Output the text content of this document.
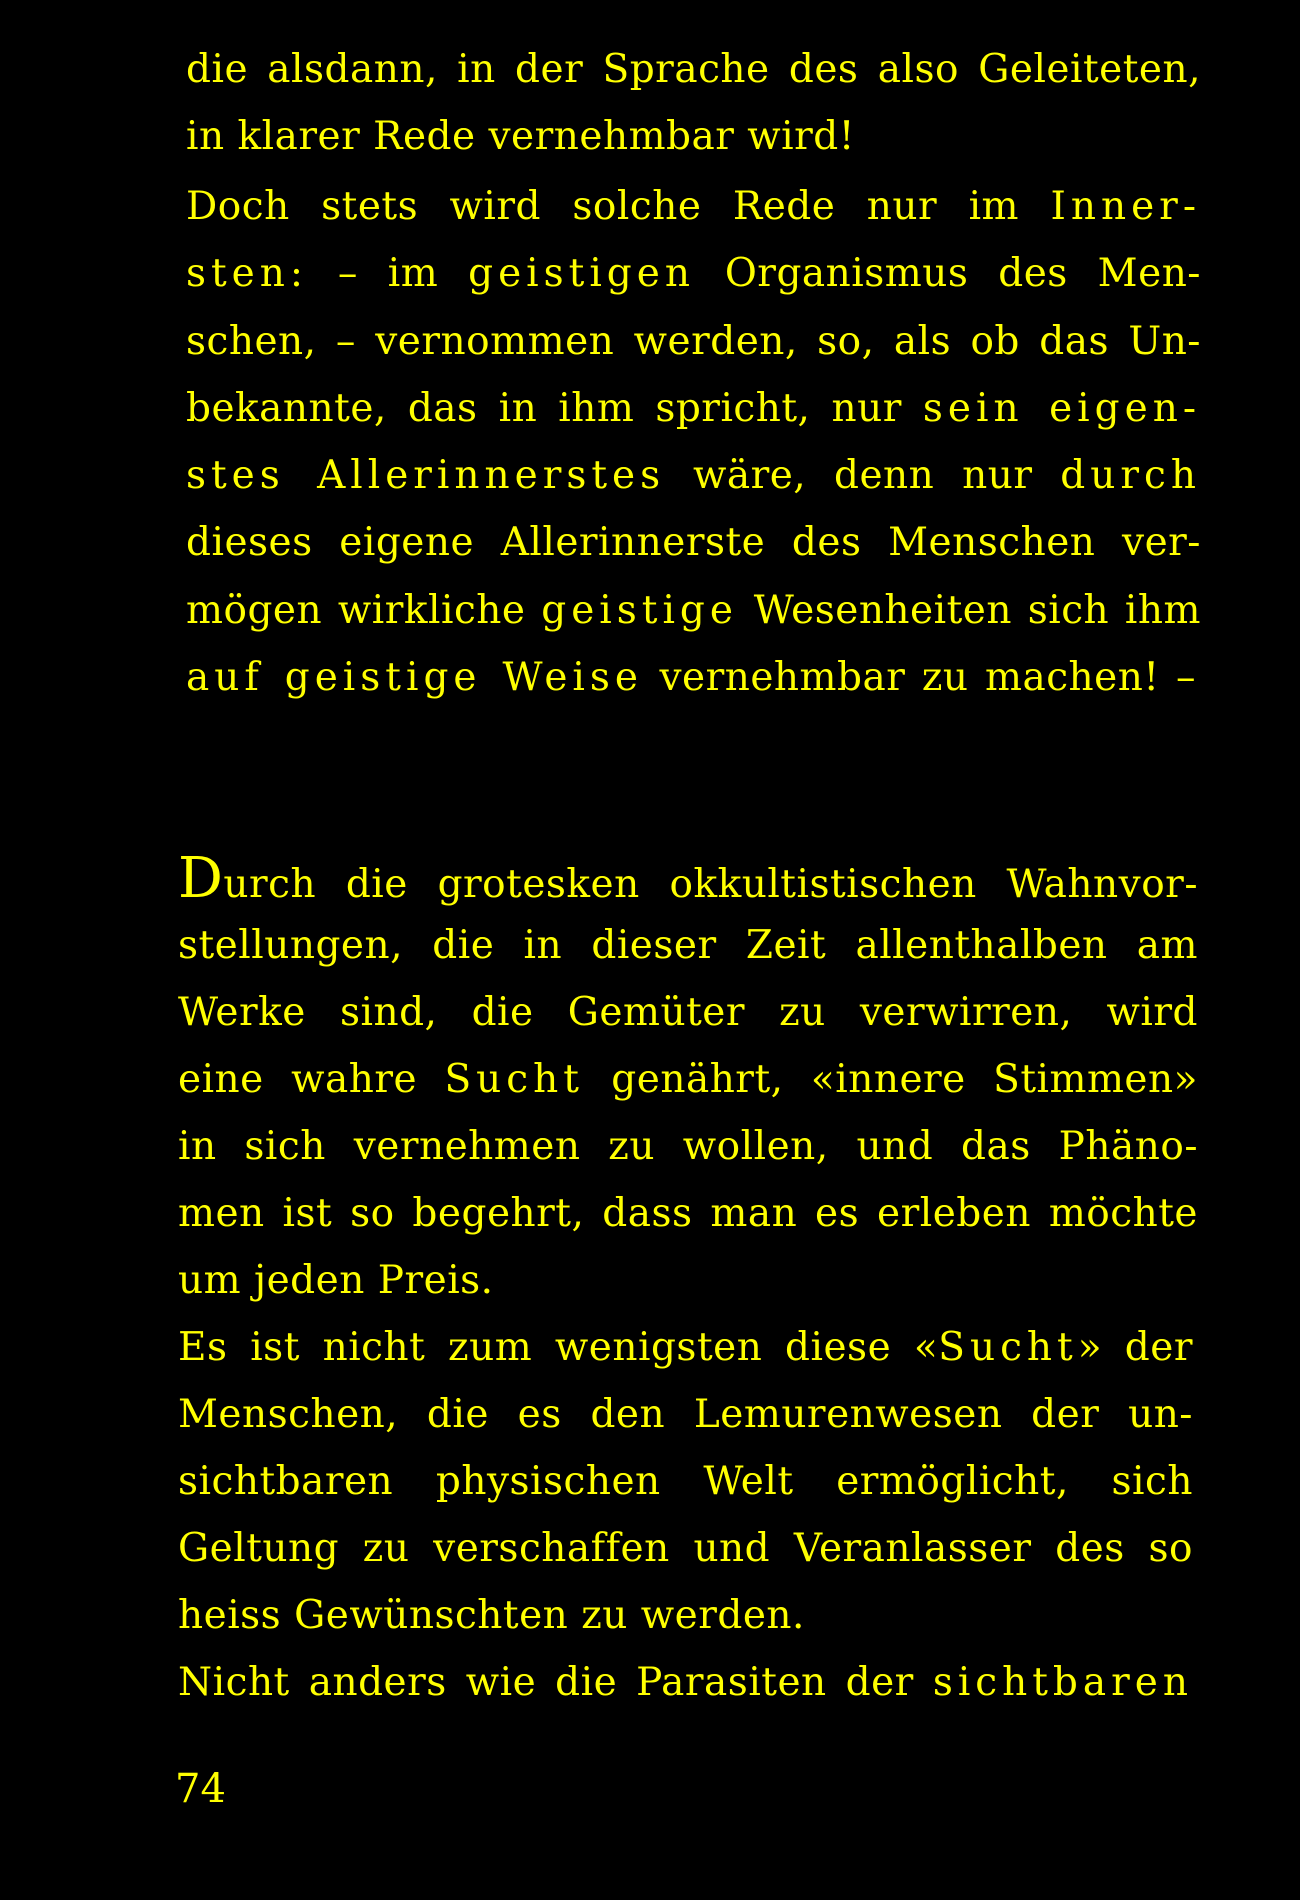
die alsdann, in der Sprache des also Geleiteten,
in klarer Rede vernehmbar wird!
Doch stets wird solche Rede nur im Inner-
sten: – im geistigen Organismus des Men-
schen, – vernommen werden, so, als ob das Un-
bekannte, das in ihm spricht, nur sein eigen-
stes Allerinnerstes wäre, denn nur durch
dieses eigene Allerinnerste des Menschen ver-
mögen wirkliche geistige Wesenheiten sich ihm
auf geistige Weise vernehmbar zu machen! –
Durch die grotesken okkultistischen Wahnvor-
stellungen, die in dieser Zeit allenthalben am
Werke sind, die Gemüter zu verwirren, wird
eine wahre Sucht genährt, «innere Stimmen»
in sich vernehmen zu wollen, und das Phäno-
men ist so begehrt, dass man es erleben möchte
um jeden Preis.
Es ist nicht zum wenigsten diese «Sucht» der
Menschen, die es den Lemurenwesen der un-
sichtbaren physischen Welt ermöglicht, sich
Geltung zu verschaffen und Veranlasser des so
heiss Gewünschten zu werden.
Nicht anders wie die Parasiten der sichtbaren
74
